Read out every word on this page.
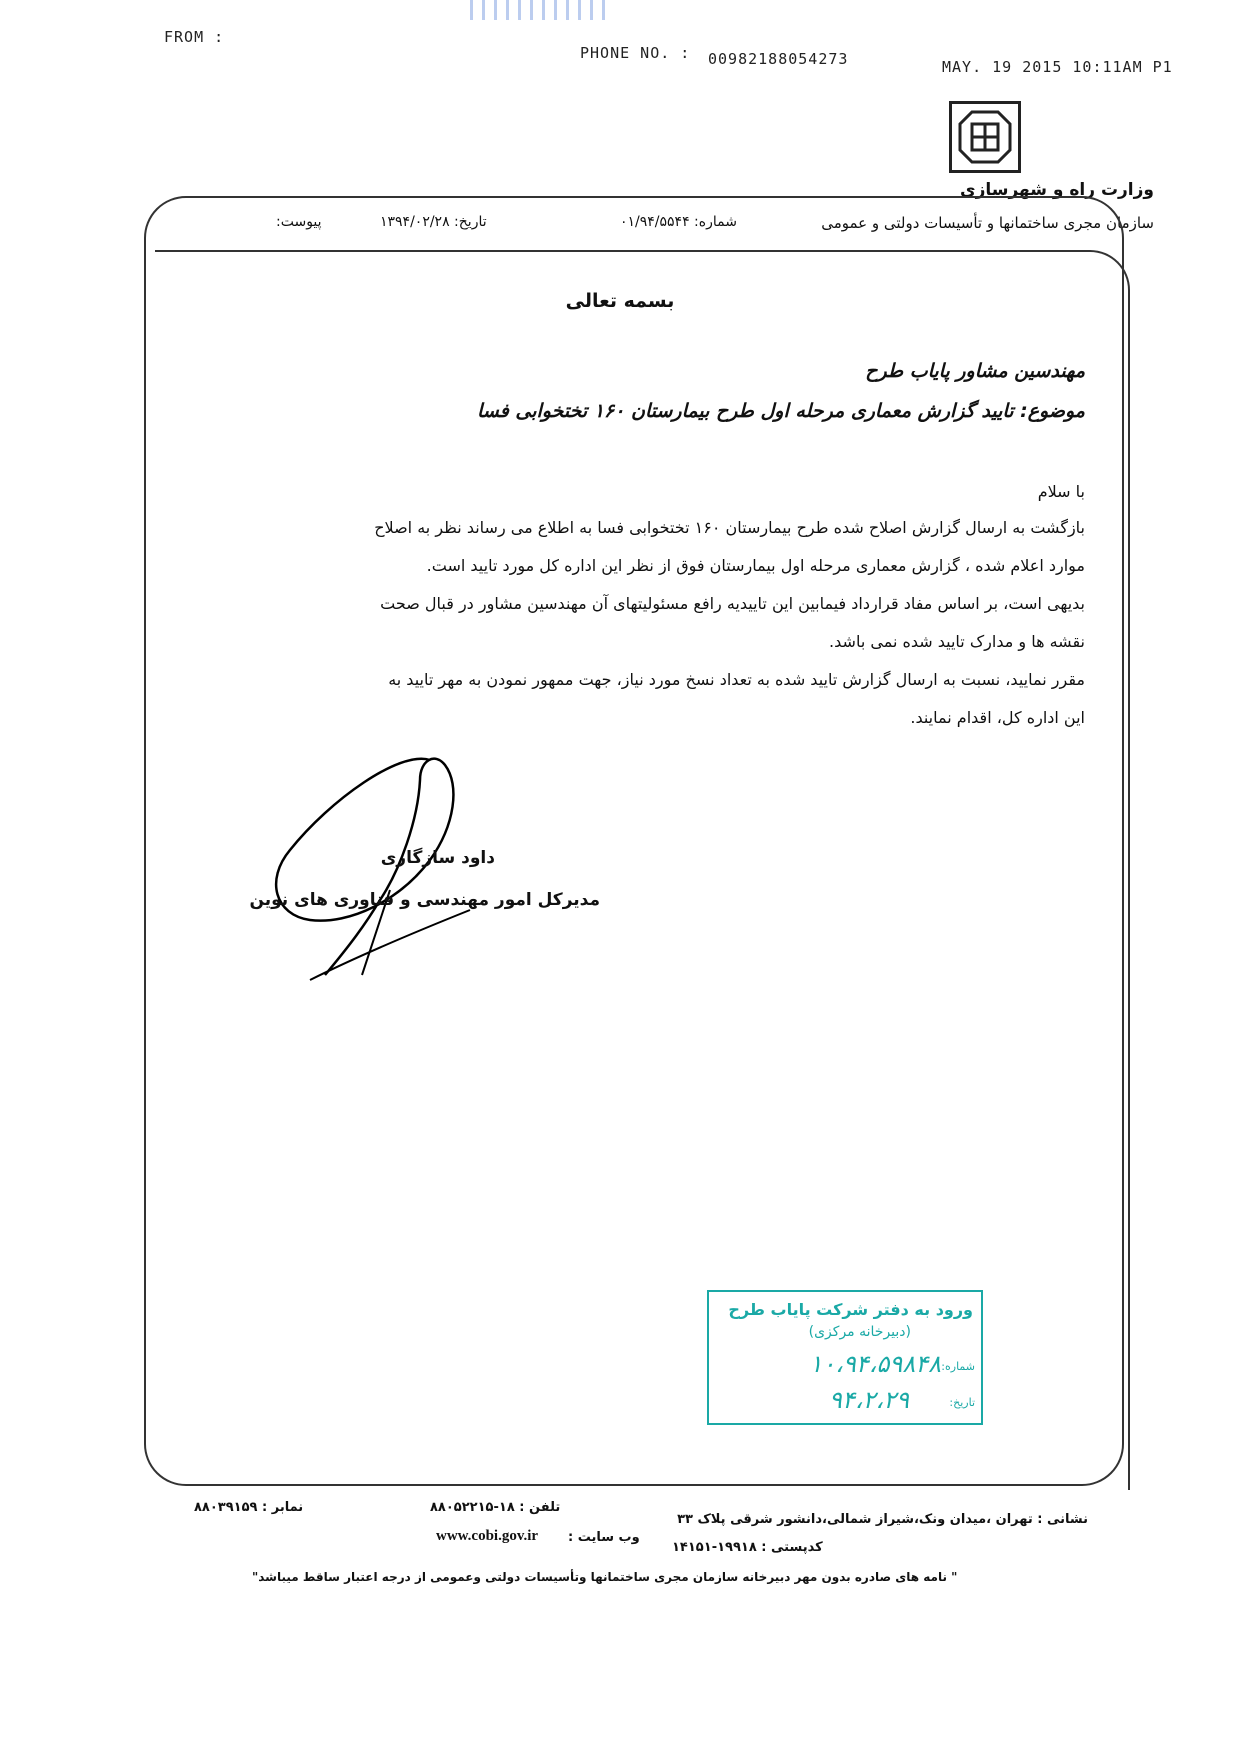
FROM :
PHONE NO. : 00982188054273	MAY. 19 2015 10:11AM P1
وزارت راه و شهرسازی
سازمان مجری ساختمانها و تأسیسات دولتی و عمومی
شماره: ۰۱/۹۴/۵۵۴۴
تاریخ: ۱۳۹۴/۰۲/۲۸
پیوست:
بسمه تعالی
مهندسین مشاور پایاب طرح
موضوع: تایید گزارش معماری مرحله اول طرح بیمارستان ۱۶۰ تختخوابی فسا
با سلام
بازگشت به ارسال گزارش اصلاح شده طرح بیمارستان ۱۶۰ تختخوابی فسا به اطلاع می رساند نظر به اصلاح
موارد اعلام شده ، گزارش معماری مرحله اول بیمارستان فوق از نظر این اداره کل مورد تایید است.
بدیهی است، بر اساس مفاد قرارداد فیمابین این تاییدیه رافع مسئولیتهای آن مهندسین مشاور در قبال صحت
نقشه ها و مدارک تایید شده نمی باشد.
مقرر نمایید، نسبت به ارسال گزارش تایید شده به تعداد نسخ مورد نیاز، جهت ممهور نمودن به مهر تایید به
این اداره کل، اقدام نمایند.
داود سازگاری
مدیرکل امور مهندسی و فناوری های نوین
ورود به دفتر شرکت پایاب طرح
(دبیرخانه مرکزی)
شماره:
۱۰،۹۴،۵۹۸۴۸
تاریخ:
۹۴،۲،۲۹
نمابر : ۸۸۰۳۹۱۵۹	تلفن : ۱۸-۸۸۰۵۲۲۱۵
نشانی : تهران ،میدان ونک،شیراز شمالی،دانشور شرقی پلاک ۳۳
www.cobi.gov.ir وب سایت :
کدپستی : ۱۹۹۱۸-۱۴۱۵۱
" نامه های صادره بدون مهر دبیرخانه سازمان مجری ساختمانها وتأسیسات دولتی وعمومی از درجه اعتبار ساقط میباشد"
